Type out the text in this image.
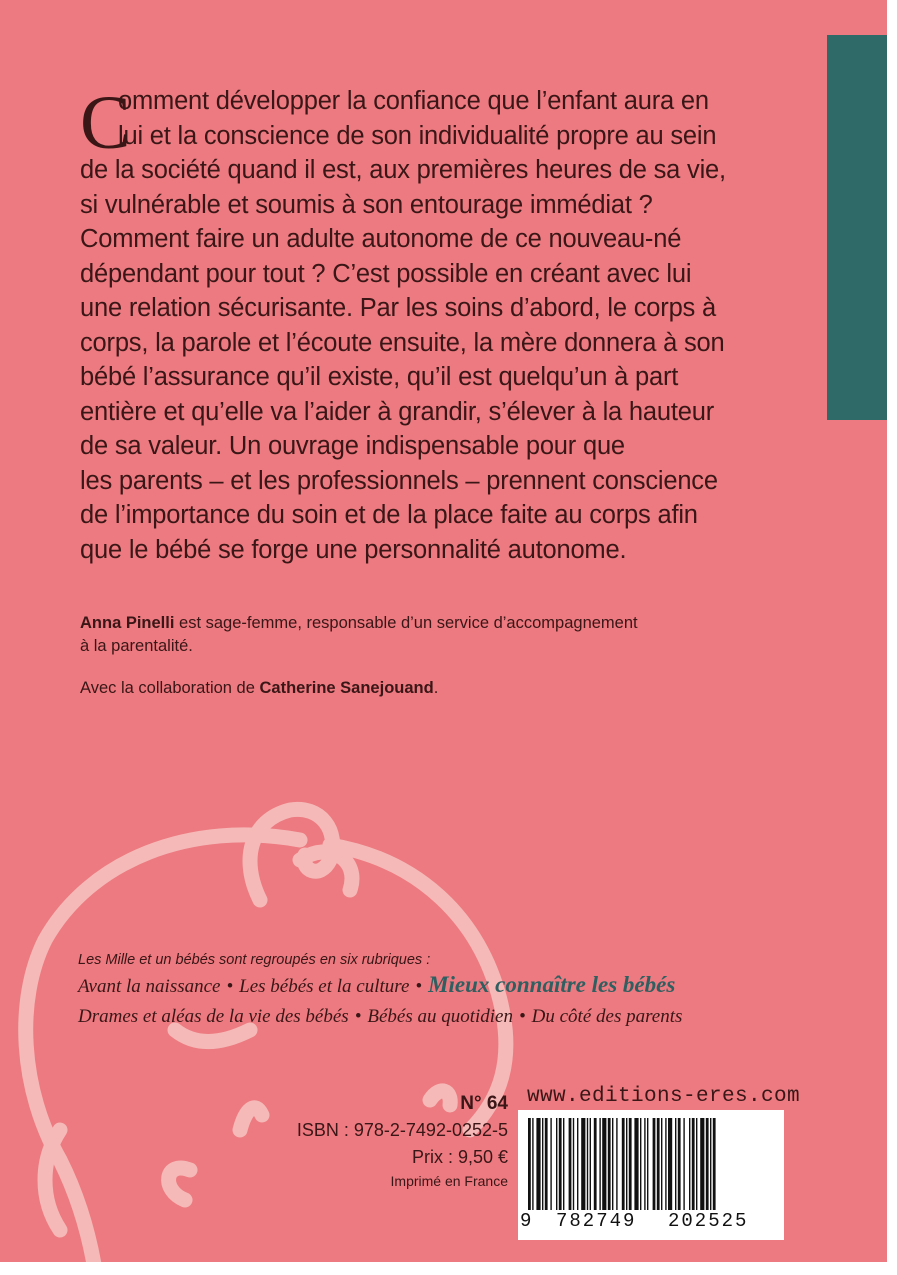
C
omment développer la confiance que l’enfant aura en
lui et la conscience de son individualité propre au sein
de la société quand il est, aux premières heures de sa vie,
si vulnérable et soumis à son entourage immédiat ?
Comment faire un adulte autonome de ce nouveau-né
dépendant pour tout ? C’est possible en créant avec lui
une relation sécurisante. Par les soins d’abord, le corps à
corps, la parole et l’écoute ensuite, la mère donnera à son
bébé l’assurance qu’il existe, qu’il est quelqu’un à part
entière et qu’elle va l’aider à grandir, s’élever à la hauteur
de sa valeur. Un ouvrage indispensable pour que
les parents – et les professionnels – prennent conscience
de l’importance du soin et de la place faite au corps afin
que le bébé se forge une personnalité autonome.
Anna Pinelli est sage-femme, responsable d’un service d’accompagnement
à la parentalité.
Avec la collaboration de Catherine Sanejouand.
Les Mille et un bébés sont regroupés en six rubriques :
Avant la naissance • Les bébés et la culture • Mieux connaître les bébés
Drames et aléas de la vie des bébés • Bébés au quotidien • Du côté des parents
N° 64
ISBN : 978-2-7492-0252-5
Prix : 9,50 €
Imprimé en France
www.editions-eres.com
9 782749 202525
